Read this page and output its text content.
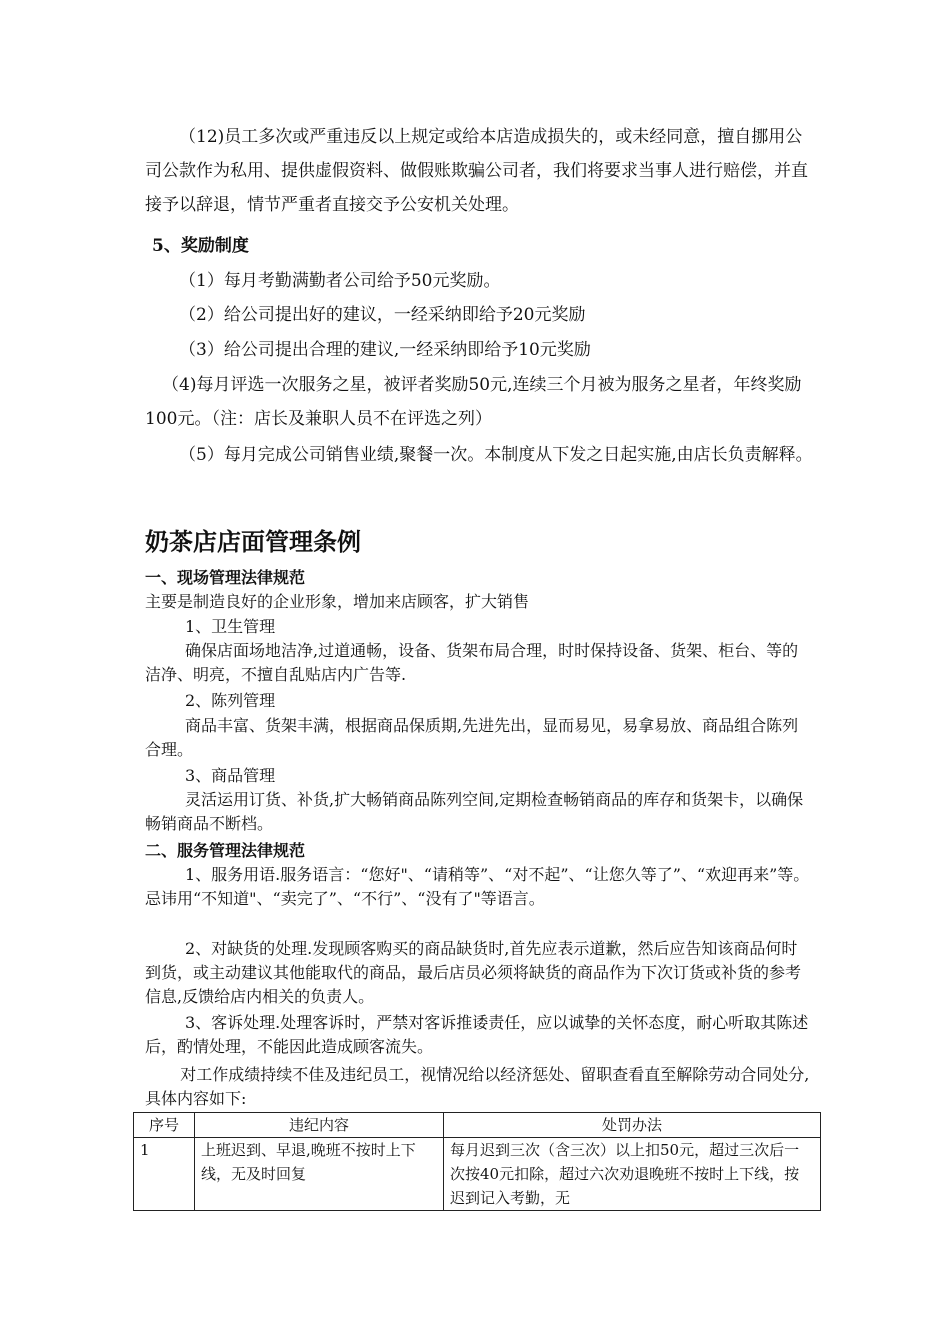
（12)员工多次或严重违反以上规定或给本店造成损失的，或未经同意，擅自挪用公司公款作为私用、提供虚假资料、做假账欺骗公司者，我们将要求当事人进行赔偿，并直接予以辞退，情节严重者直接交予公安机关处理。

5、奖励制度

（1）每月考勤满勤者公司给予50元奖励。

（2）给公司提出好的建议，一经采纳即给予20元奖励

（3）给公司提出合理的建议,一经采纳即给予10元奖励

（4)每月评选一次服务之星，被评者奖励50元,连续三个月被为服务之星者，年终奖励100元。（注：店长及兼职人员不在评选之列）

（5）每月完成公司销售业绩,聚餐一次。本制度从下发之日起实施,由店长负责解释。

奶茶店店面管理条例

一、现场管理法律规范

主要是制造良好的企业形象，增加来店顾客，扩大销售

1、卫生管理

确保店面场地洁净,过道通畅，设备、货架布局合理，时时保持设备、货架、柜台、等的洁净、明亮，不擅自乱贴店内广告等.

2、陈列管理

商品丰富、货架丰满，根据商品保质期,先进先出，显而易见，易拿易放、商品组合陈列合理。

3、商品管理

灵活运用订货、补货,扩大畅销商品陈列空间,定期检查畅销商品的库存和货架卡，以确保畅销商品不断档。

二、服务管理法律规范

1、服务用语.服务语言：“您好"、“请稍等”、“对不起”、“让您久等了”、“欢迎再来”等。忌讳用“不知道"、“卖完了”、“不行”、“没有了"等语言。

2、对缺货的处理.发现顾客购买的商品缺货时,首先应表示道歉，然后应告知该商品何时到货，或主动建议其他能取代的商品，最后店员必须将缺货的商品作为下次订货或补货的参考信息,反馈给店内相关的负责人。

3、客诉处理.处理客诉时，严禁对客诉推诿责任，应以诚挚的关怀态度，耐心听取其陈述后，酌情处理，不能因此造成顾客流失。

对工作成绩持续不佳及违纪员工，视情况给以经济惩处、留职查看直至解除劳动合同处分,具体内容如下:

序号	违纪内容	处罚办法
1	上班迟到、早退,晚班不按时上下线，无及时回复	每月迟到三次（含三次）以上扣50元，超过三次后一次按40元扣除，超过六次劝退晚班不按时上下线，按迟到记入考勤，无
